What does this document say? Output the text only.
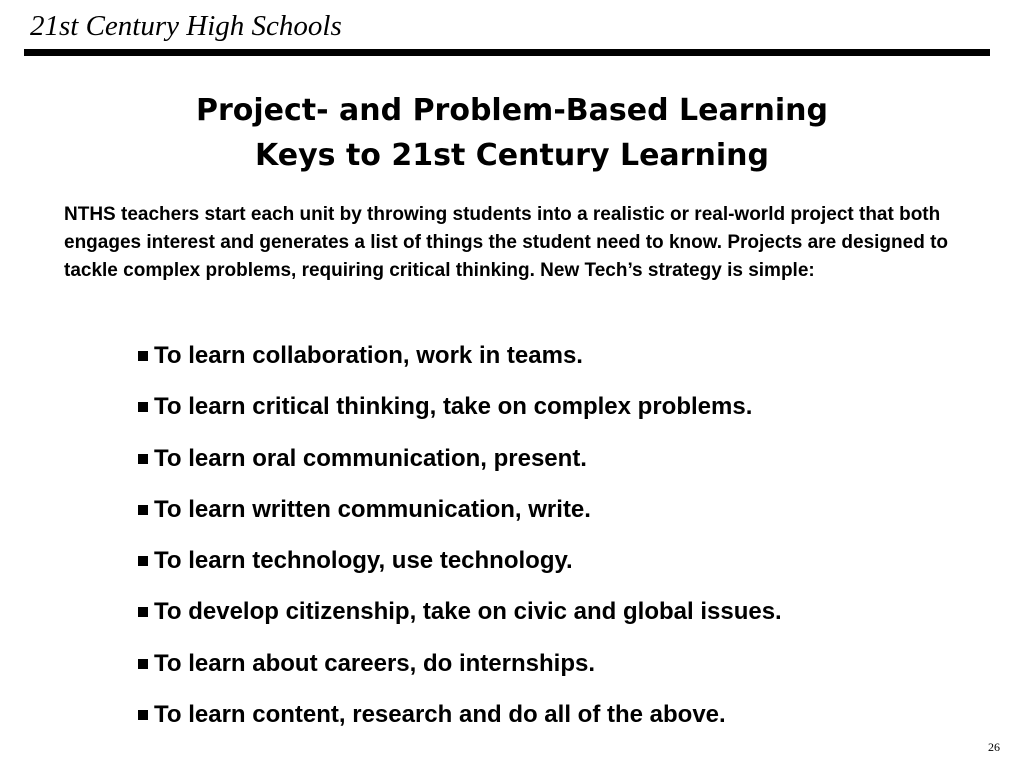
21st Century High Schools
Project- and Problem-Based Learning
Keys to 21st Century Learning

NTHS teachers start each unit by throwing students into a realistic or real-world project that both engages interest and generates a list of things the student need to know. Projects are designed to tackle complex problems, requiring critical thinking. New Tech’s strategy is simple:

To learn collaboration, work in teams.
To learn critical thinking, take on complex problems.
To learn oral communication, present.
To learn written communication, write.
To learn technology, use technology.
To develop citizenship, take on civic and global issues.
To learn about careers, do internships.
To learn content, research and do all of the above.
26
